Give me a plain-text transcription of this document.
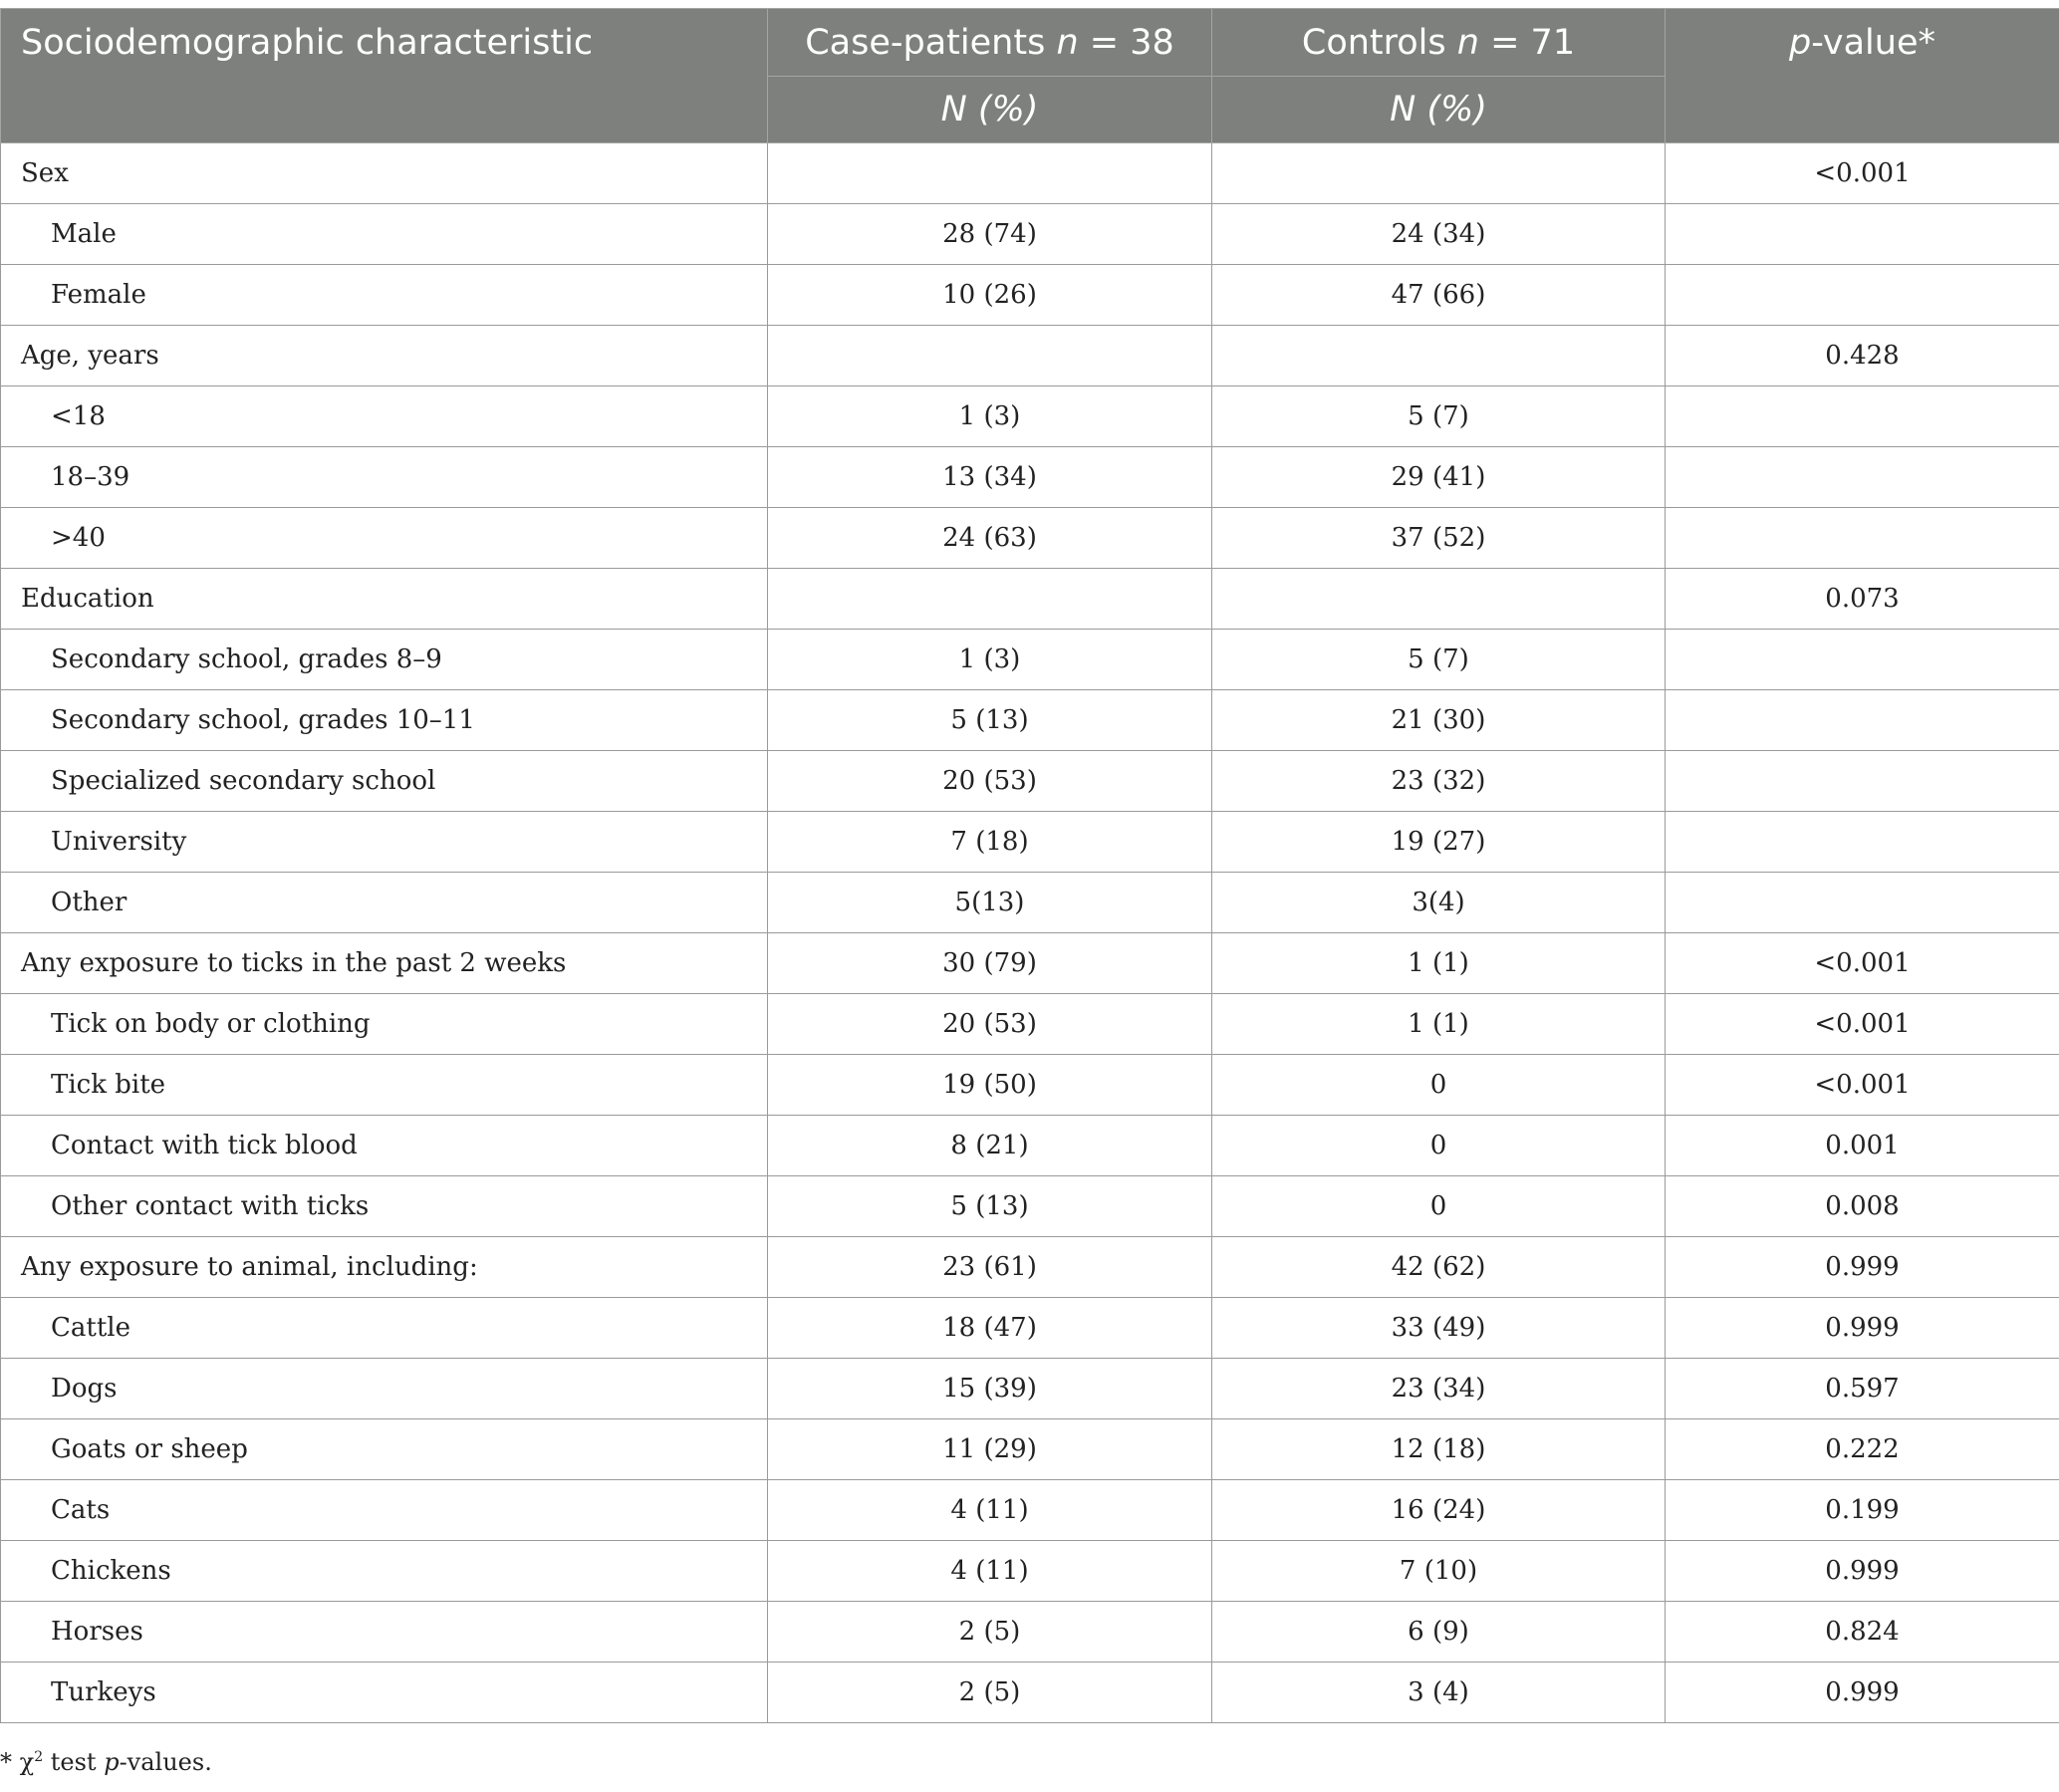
Sociodemographic characteristic	Case-patients n = 38	Controls n = 71	p-value*
	N (%)	N (%)	
Sex			<0.001
Male	28 (74)	24 (34)	
Female	10 (26)	47 (66)	
Age, years			0.428
<18	1 (3)	5 (7)	
18–39	13 (34)	29 (41)	
>40	24 (63)	37 (52)	
Education			0.073
Secondary school, grades 8–9	1 (3)	5 (7)	
Secondary school, grades 10–11	5 (13)	21 (30)	
Specialized secondary school	20 (53)	23 (32)	
University	7 (18)	19 (27)	
Other	5(13)	3(4)	
Any exposure to ticks in the past 2 weeks	30 (79)	1 (1)	<0.001
Tick on body or clothing	20 (53)	1 (1)	<0.001
Tick bite	19 (50)	0	<0.001
Contact with tick blood	8 (21)	0	0.001
Other contact with ticks	5 (13)	0	0.008
Any exposure to animal, including:	23 (61)	42 (62)	0.999
Cattle	18 (47)	33 (49)	0.999
Dogs	15 (39)	23 (34)	0.597
Goats or sheep	11 (29)	12 (18)	0.222
Cats	4 (11)	16 (24)	0.199
Chickens	4 (11)	7 (10)	0.999
Horses	2 (5)	6 (9)	0.824
Turkeys	2 (5)	3 (4)	0.999
* $\chi^2$ test p-values.
